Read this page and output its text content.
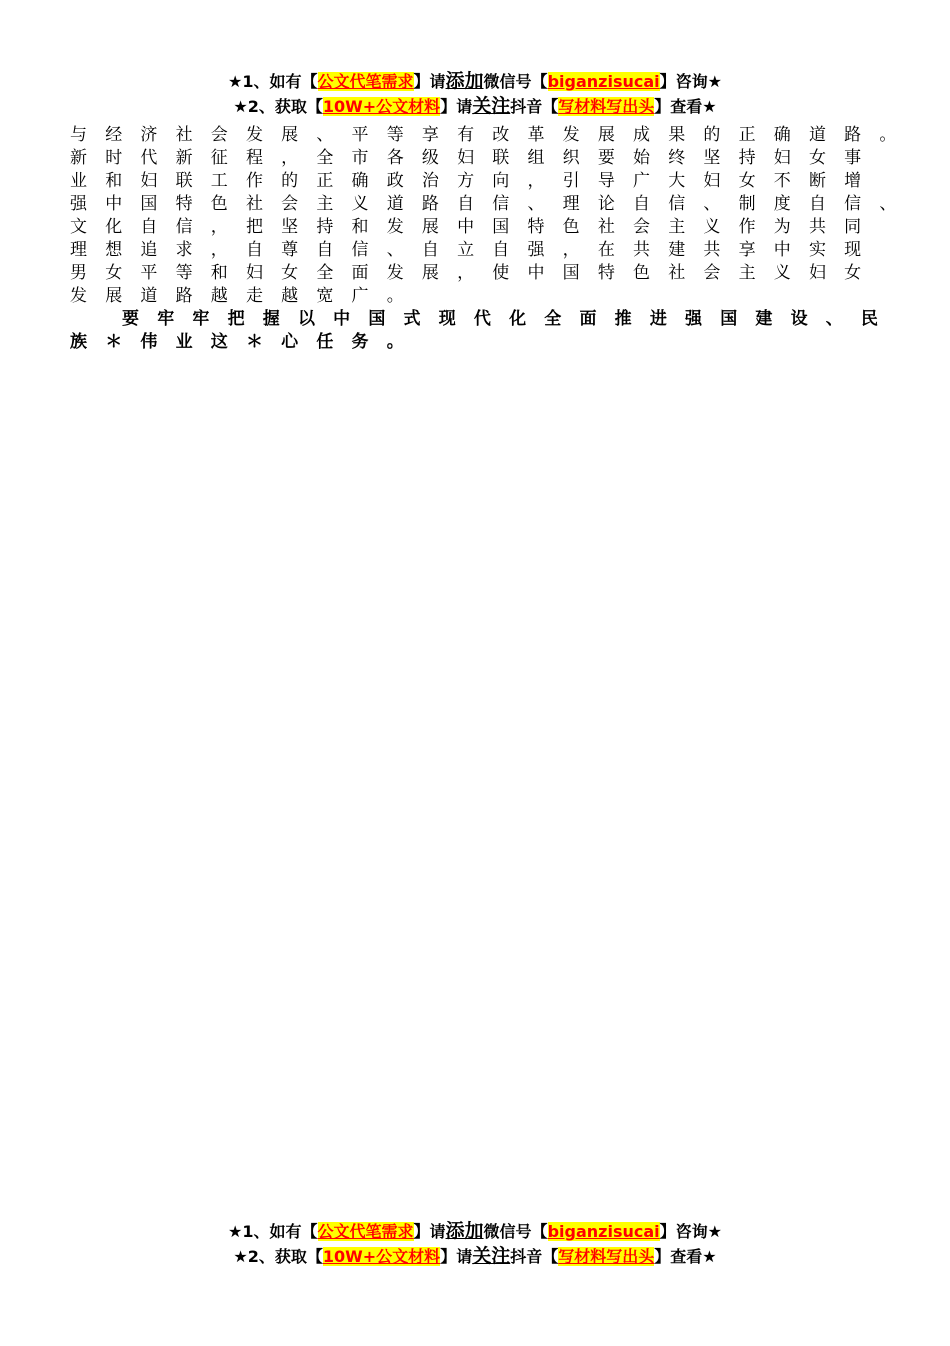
★1、如有【公文代笔需求】请添加微信号【biganzisucai】咨询★
★2、获取【10W+公文材料】请关注抖音【写材料写出头】查看★
与 经 济 社 会 发 展 、 平 等 享 有 改 革 发 展 成 果 的 正 确 道 路 。
新 时 代 新 征 程 ， 全 市 各 级 妇 联 组 织 要 始 终 坚 持 妇 女 事
业 和 妇 联 工 作 的 正 确 政 治 方 向 ， 引 导 广 大 妇 女 不 断 增
强 中 国 特 色 社 会 主 义 道 路 自 信 、 理 论 自 信 、 制 度 自 信 、
文 化 自 信 ， 把 坚 持 和 发 展 中 国 特 色 社 会 主 义 作 为 共 同
理 想 追 求 ， 自 尊 自 信 、 自 立 自 强 ， 在 共 建 共 享 中 实 现
男 女 平 等 和 妇 女 全 面 发 展 ， 使 中 国 特 色 社 会 主 义 妇 女
发 展 道 路 越 走 越 宽 广 。
要 牢 牢 把 握 以 中 国 式 现 代 化 全 面 推 进 强 国 建 设 、 民
族 ＊ 伟 业 这 ＊ 心 任 务 。
★1、如有【公文代笔需求】请添加微信号【biganzisucai】咨询★
★2、获取【10W+公文材料】请关注抖音【写材料写出头】查看★
